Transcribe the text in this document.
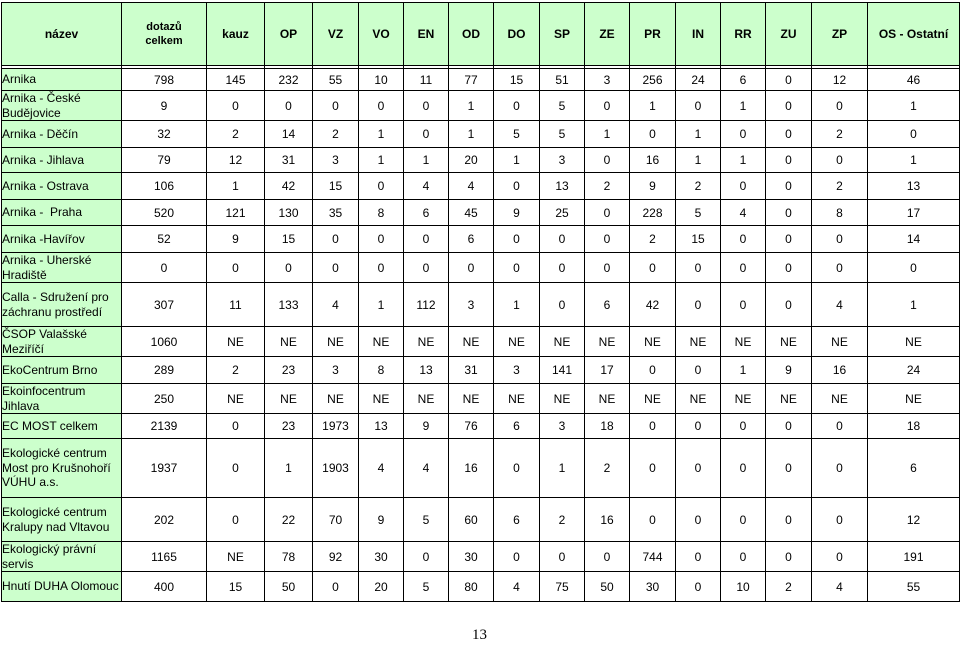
název	dotazů celkem	kauz	OP	VZ	VO	EN	OD	DO	SP	ZE	PR	IN	RR	ZU	ZP	OS - Ostatní

Arnika	798	145	232	55	10	11	77	15	51	3	256	24	6	0	12	46
Arnika - České Budějovice	9	0	0	0	0	0	1	0	5	0	1	0	1	0	0	1
Arnika - Děčín	32	2	14	2	1	0	1	5	5	1	0	1	0	0	2	0
Arnika - Jihlava	79	12	31	3	1	1	20	1	3	0	16	1	1	0	0	1
Arnika - Ostrava	106	1	42	15	0	4	4	0	13	2	9	2	0	0	2	13
Arnika -  Praha	520	121	130	35	8	6	45	9	25	0	228	5	4	0	8	17
Arnika -Havířov	52	9	15	0	0	0	6	0	0	0	2	15	0	0	0	14
Arnika - Uherské Hradiště	0	0	0	0	0	0	0	0	0	0	0	0	0	0	0	0
Calla - Sdružení pro záchranu prostředí	307	11	133	4	1	112	3	1	0	6	42	0	0	0	4	1
ČSOP Valašské Meziříčí	1060	NE	NE	NE	NE	NE	NE	NE	NE	NE	NE	NE	NE	NE	NE	NE
EkoCentrum Brno	289	2	23	3	8	13	31	3	141	17	0	0	1	9	16	24
Ekoinfocentrum Jihlava	250	NE	NE	NE	NE	NE	NE	NE	NE	NE	NE	NE	NE	NE	NE	NE
EC MOST celkem	2139	0	23	1973	13	9	76	6	3	18	0	0	0	0	0	18
Ekologické centrum Most pro Krušnohoří VÚHU a.s.	1937	0	1	1903	4	4	16	0	1	2	0	0	0	0	0	6
Ekologické centrum Kralupy nad Vltavou	202	0	22	70	9	5	60	6	2	16	0	0	0	0	0	12
Ekologický právní servis	1165	NE	78	92	30	0	30	0	0	0	744	0	0	0	0	191
Hnutí DUHA Olomouc	400	15	50	0	20	5	80	4	75	50	30	0	10	2	4	55
13
